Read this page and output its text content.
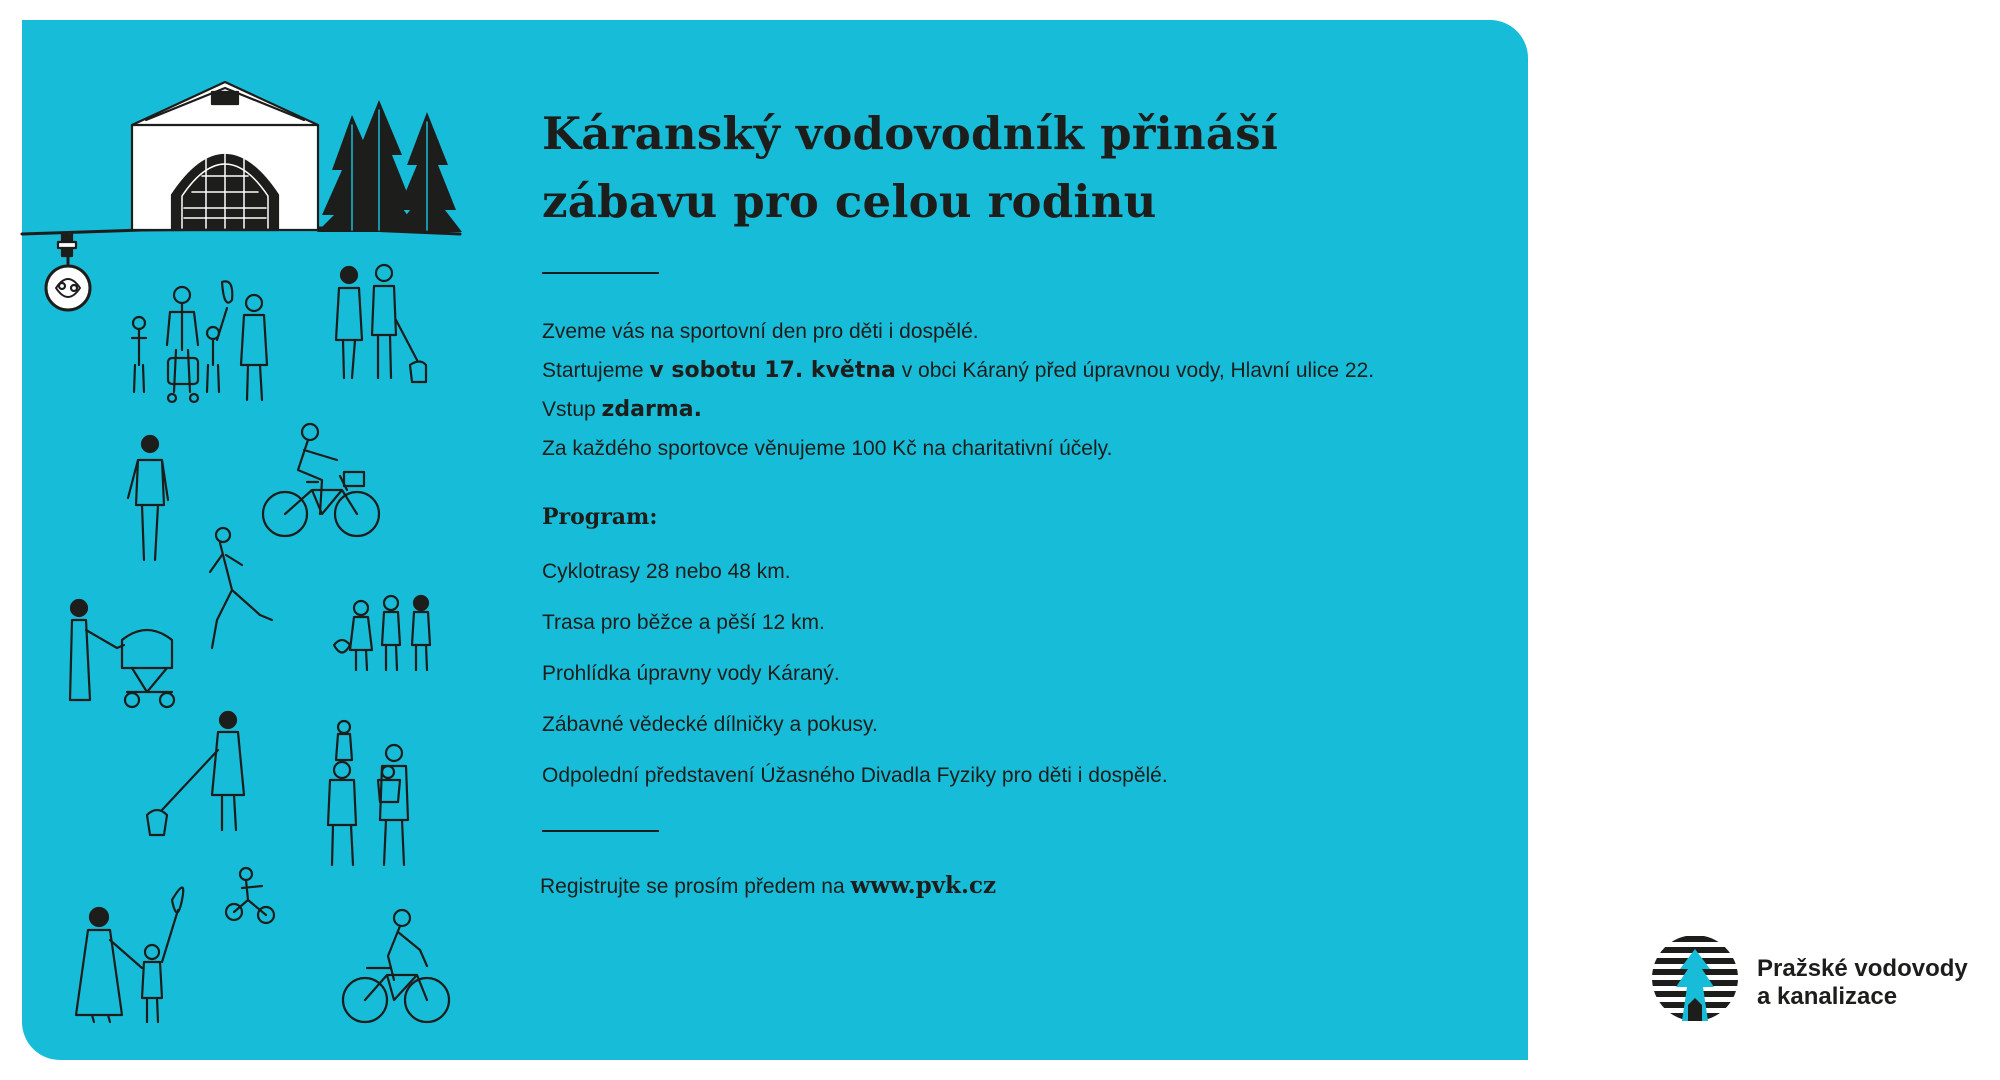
Káranský vodovodník přináší
zábavu pro celou rodinu

Zveme vás na sportovní den pro děti i dospělé.

Startujeme v sobotu 17. května v obci Káraný před úpravnou vody, Hlavní ulice 22.

Vstup zdarma.

Za každého sportovce věnujeme 100 Kč na charitativní účely.

Program:
Cyklotrasy 28 nebo 48 km.
Trasa pro běžce a pěší 12 km.
Prohlídka úpravny vody Káraný.
Zábavné vědecké dílničky a pokusy.
Odpolední představení Úžasného Divadla Fyziky pro děti i dospělé.

Registrujte se prosím předem na www.pvk.cz

Pražské vodovody
a kanalizace
